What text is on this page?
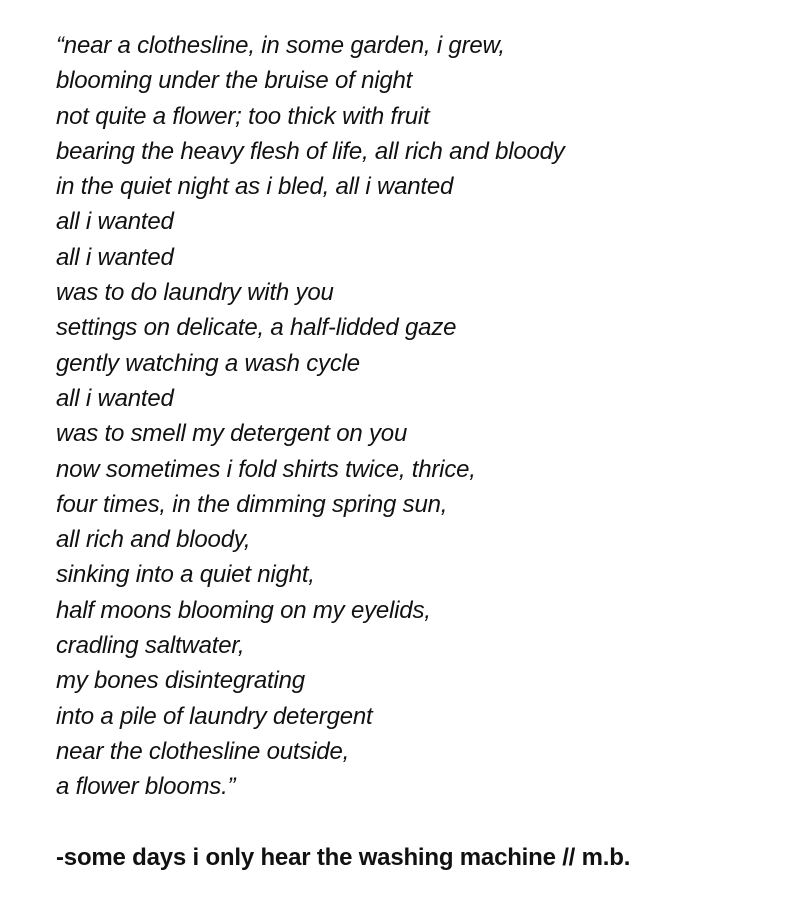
“near a clothesline, in some garden, i grew,
blooming under the bruise of night
not quite a flower; too thick with fruit
bearing the heavy flesh of life, all rich and bloody
in the quiet night as i bled, all i wanted
all i wanted
all i wanted
was to do laundry with you
settings on delicate, a half-lidded gaze
gently watching a wash cycle
all i wanted
was to smell my detergent on you
now sometimes i fold shirts twice, thrice,
four times, in the dimming spring sun,
all rich and bloody,
sinking into a quiet night,
half moons blooming on my eyelids,
cradling saltwater,
my bones disintegrating
into a pile of laundry detergent
near the clothesline outside,
a flower blooms.”

-some days i only hear the washing machine // m.b.
